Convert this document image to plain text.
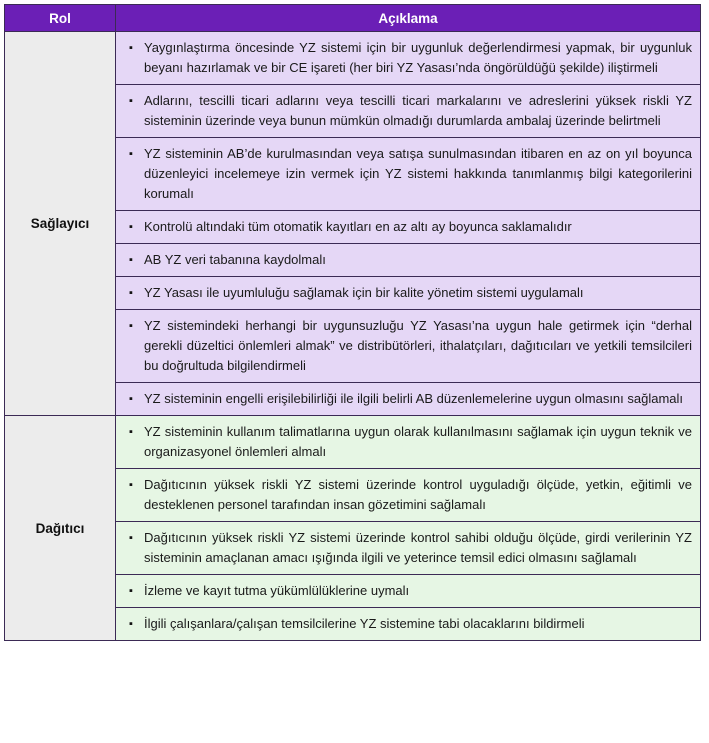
Rol	Açıklama
Sağlayıcı	▪ Yaygınlaştırma öncesinde YZ sistemi için bir uygunluk değerlendirmesi yapmak, bir uygunluk beyanı hazırlamak ve bir CE işareti (her biri YZ Yasası’nda öngörüldüğü şekilde) iliştirmeli

	▪ Adlarını, tescilli ticari adlarını veya tescilli ticari markalarını ve adreslerini yüksek riskli YZ sisteminin üzerinde veya bunun mümkün olmadığı durumlarda ambalaj üzerinde belirtmeli

	▪ YZ sisteminin AB’de kurulmasından veya satışa sunulmasından itibaren en az on yıl boyunca düzenleyici incelemeye izin vermek için YZ sistemi hakkında tanımlanmış bilgi kategorilerini korumalı

	▪ Kontrolü altındaki tüm otomatik kayıtları en az altı ay boyunca saklamalıdır

	▪ AB YZ veri tabanına kaydolmalı

	▪ YZ Yasası ile uyumluluğu sağlamak için bir kalite yönetim sistemi uygulamalı

	▪ YZ sistemindeki herhangi bir uygunsuzluğu YZ Yasası’na uygun hale getirmek için “derhal gerekli düzeltici önlemleri almak” ve distribütörleri, ithalatçıları, dağıtıcıları ve yetkili temsilcileri bu doğrultuda bilgilendirmeli

	▪ YZ sisteminin engelli erişilebilirliği ile ilgili belirli AB düzenlemelerine uygun olmasını sağlamalı

Dağıtıcı	▪ YZ sisteminin kullanım talimatlarına uygun olarak kullanılmasını sağlamak için uygun teknik ve organizasyonel önlemleri almalı

	▪ Dağıtıcının yüksek riskli YZ sistemi üzerinde kontrol uyguladığı ölçüde, yetkin, eğitimli ve desteklenen personel tarafından insan gözetimini sağlamalı

	▪ Dağıtıcının yüksek riskli YZ sistemi üzerinde kontrol sahibi olduğu ölçüde, girdi verilerinin YZ sisteminin amaçlanan amacı ışığında ilgili ve yeterince temsil edici olmasını sağlamalı

	▪ İzleme ve kayıt tutma yükümlülüklerine uymalı

	▪ İlgili çalışanlara/çalışan temsilcilerine YZ sistemine tabi olacaklarını bildirmeli
